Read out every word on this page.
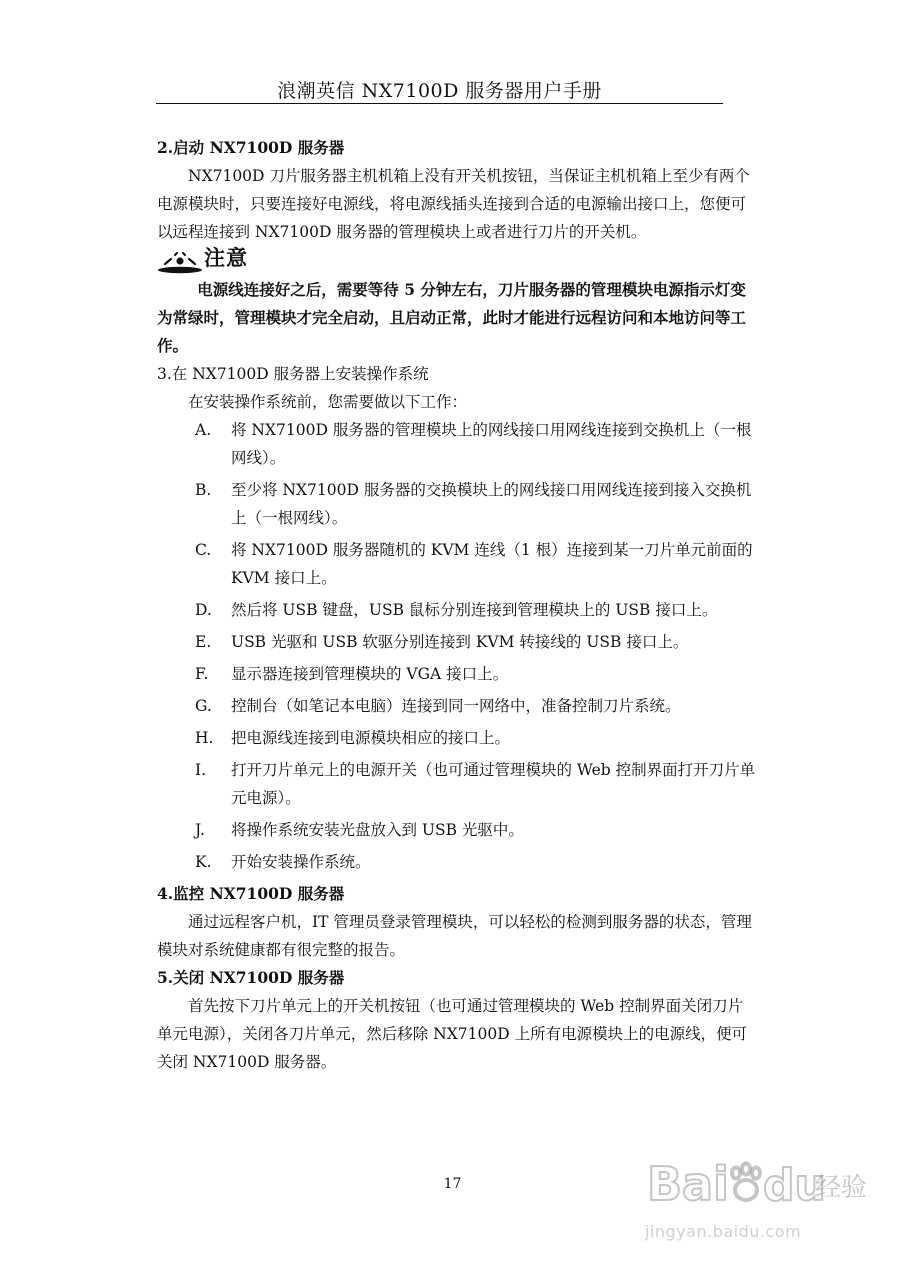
浪潮英信 NX7100D 服务器用户手册

2.启动 NX7100D 服务器

NX7100D 刀片服务器主机机箱上没有开关机按钮，当保证主机机箱上至少有两个电源模块时，只要连接好电源线，将电源线插头连接到合适的电源输出接口上，您便可以远程连接到 NX7100D 服务器的管理模块上或者进行刀片的开关机。

注意

电源线连接好之后，需要等待 5 分钟左右，刀片服务器的管理模块电源指示灯变为常绿时，管理模块才完全启动，且启动正常，此时才能进行远程访问和本地访问等工作。

3.在 NX7100D 服务器上安装操作系统

在安装操作系统前，您需要做以下工作：

A. 将 NX7100D 服务器的管理模块上的网线接口用网线连接到交换机上（一根网线）。
B. 至少将 NX7100D 服务器的交换模块上的网线接口用网线连接到接入交换机上（一根网线）。
C. 将 NX7100D 服务器随机的 KVM 连线（1 根）连接到某一刀片单元前面的 KVM 接口上。
D. 然后将 USB 键盘，USB 鼠标分别连接到管理模块上的 USB 接口上。
E. USB 光驱和 USB 软驱分别连接到 KVM 转接线的 USB 接口上。
F. 显示器连接到管理模块的 VGA 接口上。
G. 控制台（如笔记本电脑）连接到同一网络中，准备控制刀片系统。
H. 把电源线连接到电源模块相应的接口上。
I. 打开刀片单元上的电源开关（也可通过管理模块的 Web 控制界面打开刀片单元电源）。
J. 将操作系统安装光盘放入到 USB 光驱中。
K. 开始安装操作系统。

4.监控 NX7100D 服务器

通过远程客户机，IT 管理员登录管理模块，可以轻松的检测到服务器的状态，管理模块对系统健康都有很完整的报告。

5.关闭 NX7100D 服务器

首先按下刀片单元上的开关机按钮（也可通过管理模块的 Web 控制界面关闭刀片单元电源），关闭各刀片单元，然后移除 NX7100D 上所有电源模块上的电源线，便可关闭 NX7100D 服务器。

17	Bai du
经验
jingyan.baidu.com
